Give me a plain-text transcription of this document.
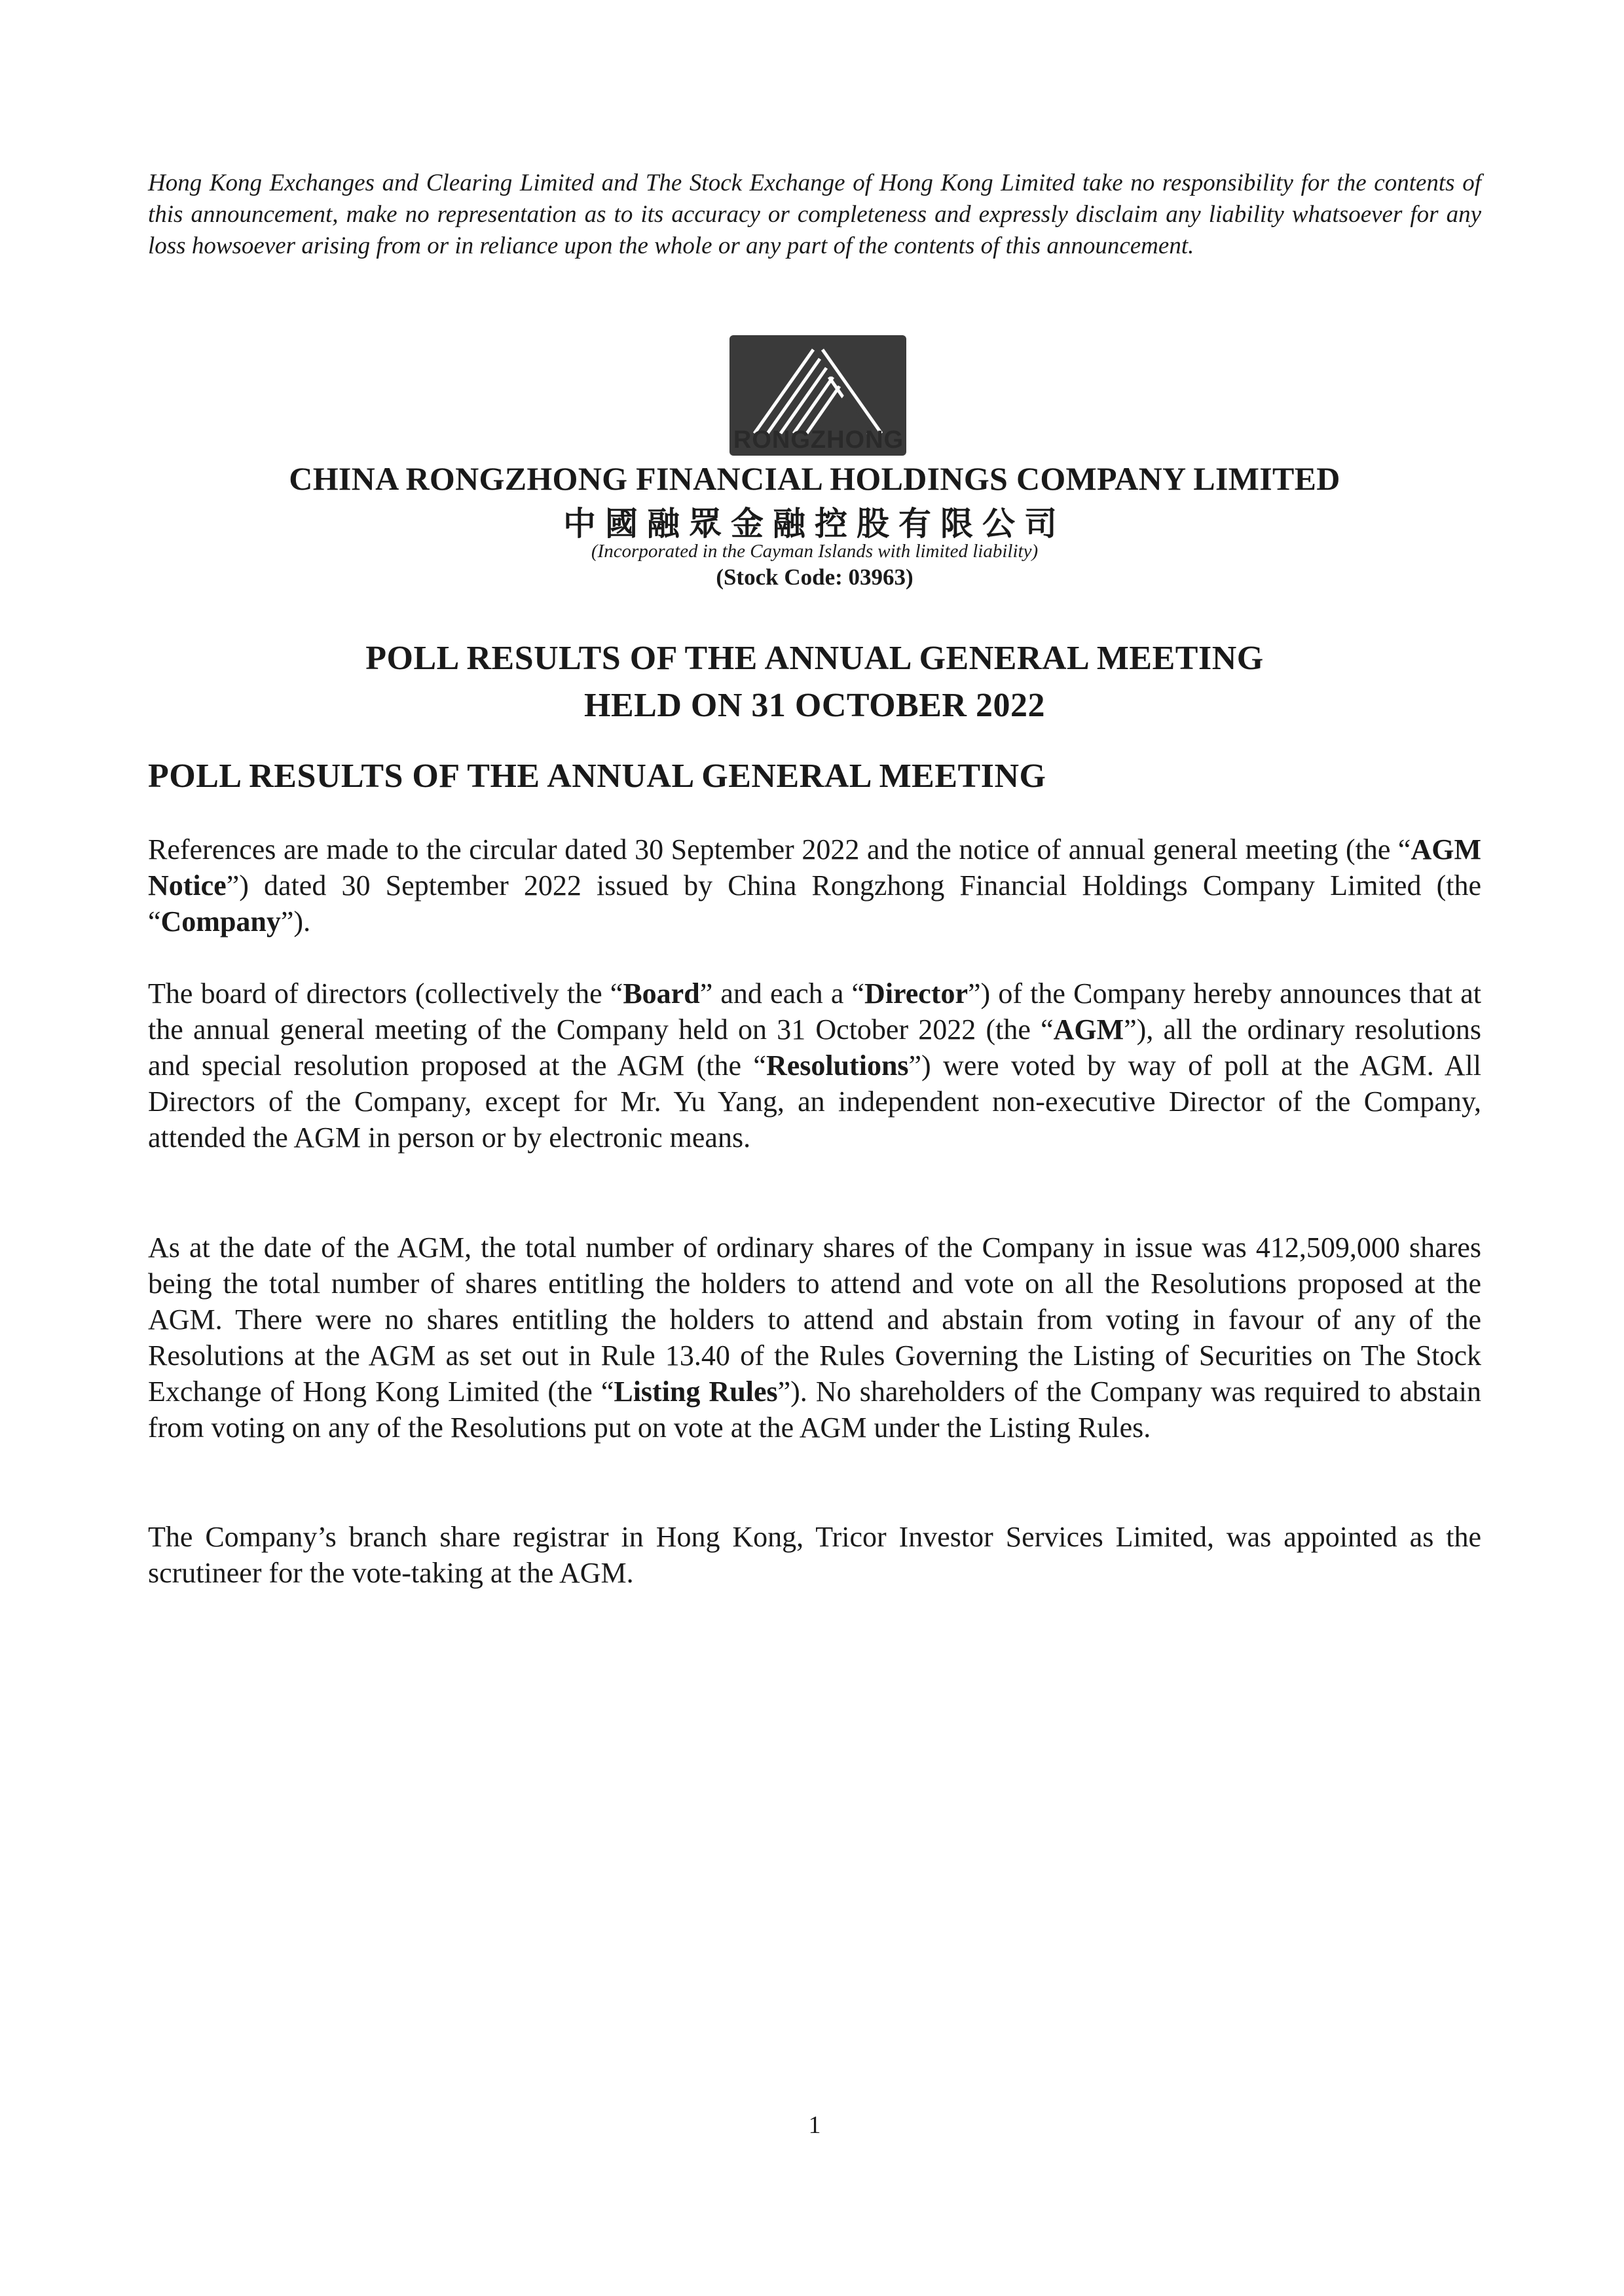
Hong Kong Exchanges and Clearing Limited and The Stock Exchange of Hong Kong Limited take no responsibility for the contents of this announcement, make no representation as to its accuracy or completeness and expressly disclaim any liability whatsoever for any loss howsoever arising from or in reliance upon the whole or any part of the contents of this announcement.
RONGZHONG
CHINA RONGZHONG FINANCIAL HOLDINGS COMPANY LIMITED
中國融眾金融控股有限公司
(Incorporated in the Cayman Islands with limited liability)
(Stock Code: 03963)
POLL RESULTS OF THE ANNUAL GENERAL MEETING
HELD ON 31 OCTOBER 2022
POLL RESULTS OF THE ANNUAL GENERAL MEETING
References are made to the circular dated 30 September 2022 and the notice of annual general meeting (the “AGM Notice”) dated 30 September 2022 issued by China Rongzhong Financial Holdings Company Limited (the “Company”).
The board of directors (collectively the “Board” and each a “Director”) of the Company hereby announces that at the annual general meeting of the Company held on 31 October 2022 (the “AGM”), all the ordinary resolutions and special resolution proposed at the AGM (the “Resolutions”) were voted by way of poll at the AGM. All Directors of the Company, except for Mr. Yu Yang, an independent non-executive Director of the Company, attended the AGM in person or by electronic means.
As at the date of the AGM, the total number of ordinary shares of the Company in issue was 412,509,000 shares being the total number of shares entitling the holders to attend and vote on all the Resolutions proposed at the AGM. There were no shares entitling the holders to attend and abstain from voting in favour of any of the Resolutions at the AGM as set out in Rule 13.40 of the Rules Governing the Listing of Securities on The Stock Exchange of Hong Kong Limited (the “Listing Rules”). No shareholders of the Company was required to abstain from voting on any of the Resolutions put on vote at the AGM under the Listing Rules.
The Company’s branch share registrar in Hong Kong, Tricor Investor Services Limited, was appointed as the scrutineer for the vote-taking at the AGM.
1
